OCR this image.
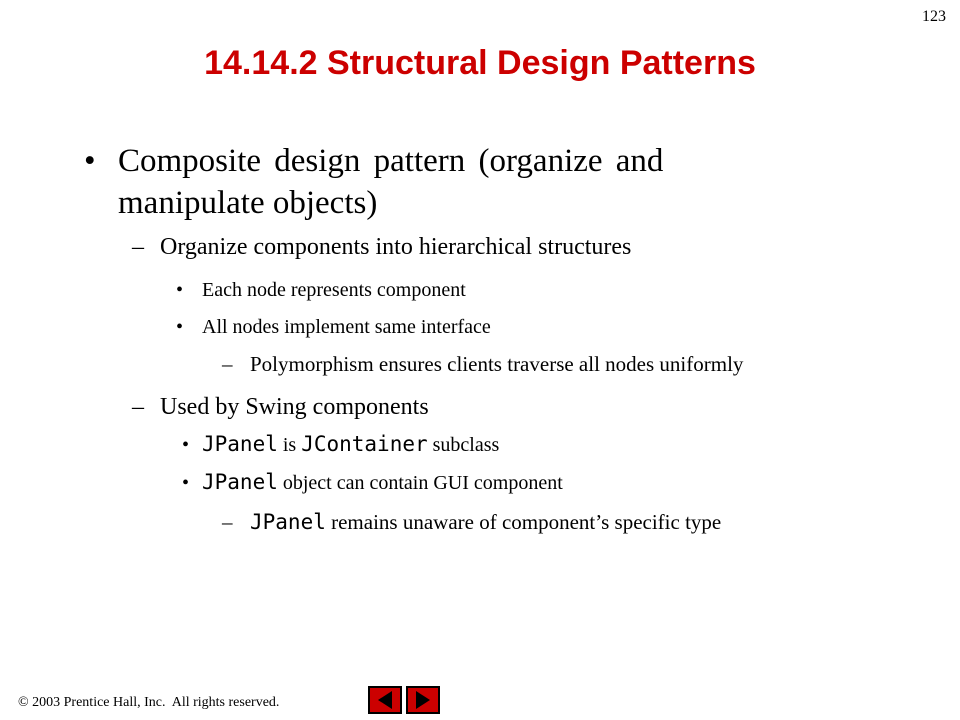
123
14.14.2 Structural Design Patterns
• Composite design pattern (organize and
manipulate objects)
– Organize components into hierarchical structures
• Each node represents component
• All nodes implement same interface
– Polymorphism ensures clients traverse all nodes uniformly
– Used by Swing components
• JPanel is JContainer subclass
• JPanel object can contain GUI component
– JPanel remains unaware of component’s specific type
© 2003 Prentice Hall, Inc.  All rights reserved.
